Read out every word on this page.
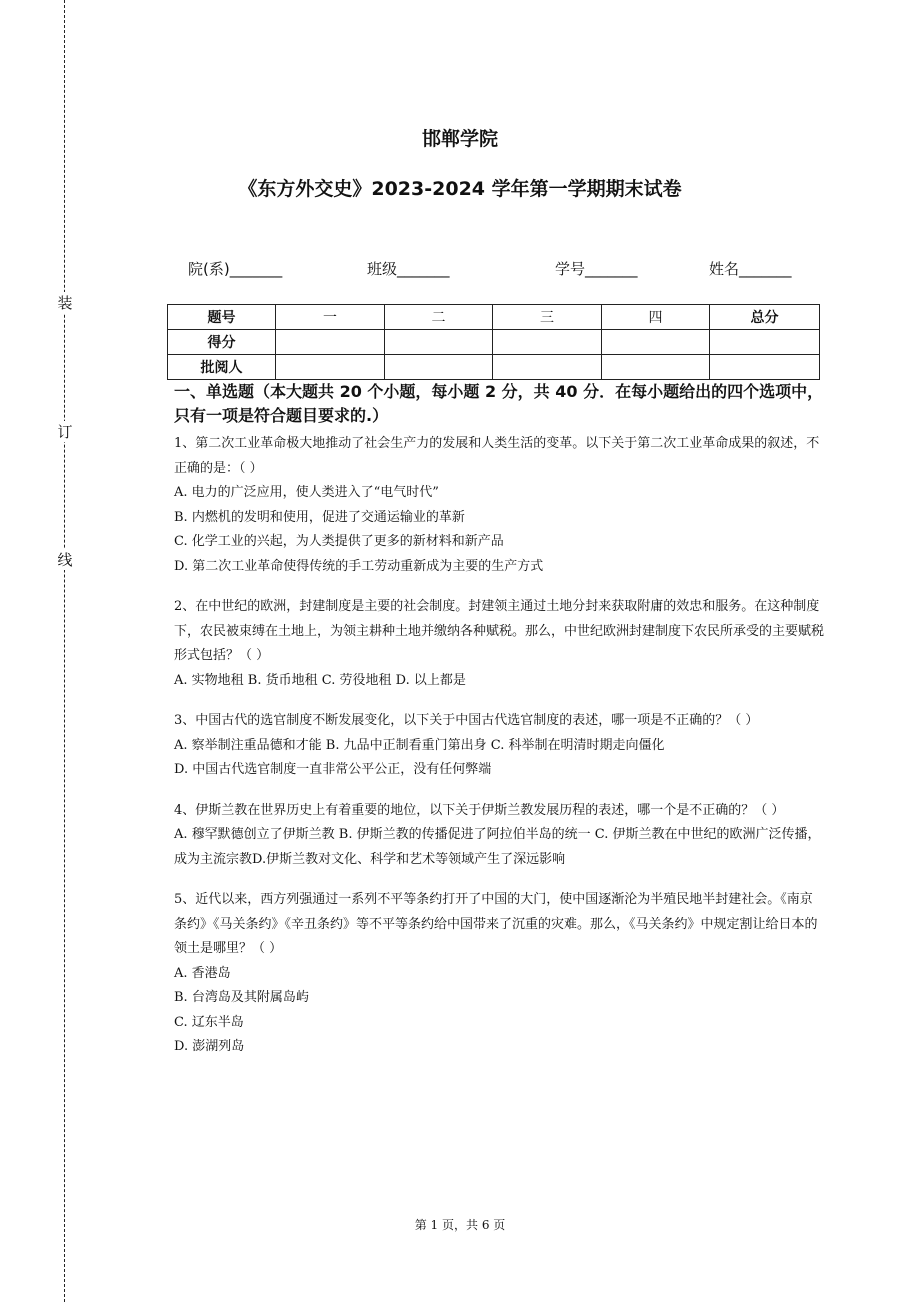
装
订
线
邯郸学院
《东方外交史》2023-2024 学年第一学期期末试卷
院(系)_______	班级_______	学号_______	姓名_______
题号	一	二	三	四	总分
得分					
批阅人					

一、单选题（本大题共 20 个小题，每小题 2 分，共 40 分．在每小题给出的四个选项中，只有一项是符合题目要求的.）

1、第二次工业革命极大地推动了社会生产力的发展和人类生活的变革。以下关于第二次工业革命成果的叙述，不正确的是：（ ）

A. 电力的广泛应用，使人类进入了“电气时代”

B. 内燃机的发明和使用，促进了交通运输业的革新

C. 化学工业的兴起，为人类提供了更多的新材料和新产品

D. 第二次工业革命使得传统的手工劳动重新成为主要的生产方式

2、在中世纪的欧洲，封建制度是主要的社会制度。封建领主通过土地分封来获取附庸的效忠和服务。在这种制度下，农民被束缚在土地上，为领主耕种土地并缴纳各种赋税。那么，中世纪欧洲封建制度下农民所承受的主要赋税形式包括？（ ）

A. 实物地租 B. 货币地租 C. 劳役地租 D. 以上都是

3、中国古代的选官制度不断发展变化，以下关于中国古代选官制度的表述，哪一项是不正确的？（ ）

A. 察举制注重品德和才能 B. 九品中正制看重门第出身 C. 科举制在明清时期走向僵化

D. 中国古代选官制度一直非常公平公正，没有任何弊端

4、伊斯兰教在世界历史上有着重要的地位，以下关于伊斯兰教发展历程的表述，哪一个是不正确的？（ ）

A. 穆罕默德创立了伊斯兰教 B. 伊斯兰教的传播促进了阿拉伯半岛的统一 C. 伊斯兰教在中世纪的欧洲广泛传播，成为主流宗教D.伊斯兰教对文化、科学和艺术等领域产生了深远影响

5、近代以来，西方列强通过一系列不平等条约打开了中国的大门，使中国逐渐沦为半殖民地半封建社会。《南京条约》《马关条约》《辛丑条约》等不平等条约给中国带来了沉重的灾难。那么，《马关条约》中规定割让给日本的领土是哪里？（ ）

A. 香港岛

B. 台湾岛及其附属岛屿

C. 辽东半岛

D. 澎湖列岛

第 1 页，共 6 页
